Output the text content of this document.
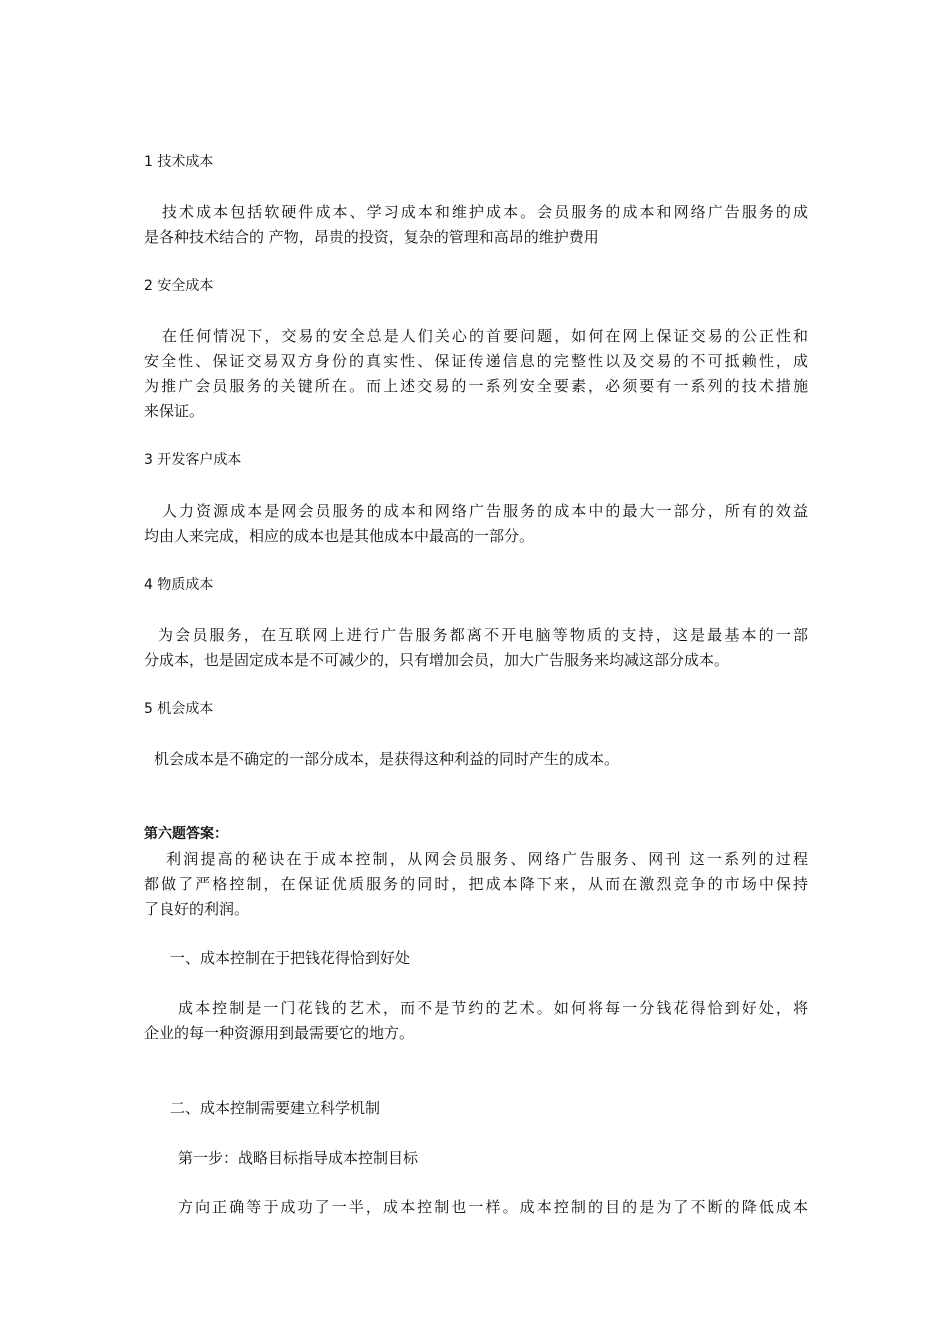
1 技术成本

技术成本包括软硬件成本、学习成本和维护成本。会员服务的成本和网络广告服务的成

是各种技术结合的 产物，昂贵的投资，复杂的管理和高昂的维护费用

2 安全成本

在任何情况下，交易的安全总是人们关心的首要问题，如何在网上保证交易的公正性和

安全性、保证交易双方身份的真实性、保证传递信息的完整性以及交易的不可抵赖性，成

为推广会员服务的关键所在。而上述交易的一系列安全要素，必须要有一系列的技术措施

来保证。

3 开发客户成本

人力资源成本是网会员服务的成本和网络广告服务的成本中的最大一部分，所有的效益

均由人来完成，相应的成本也是其他成本中最高的一部分。

4 物质成本

为会员服务，在互联网上进行广告服务都离不开电脑等物质的支持，这是最基本的一部

分成本，也是固定成本是不可减少的，只有增加会员，加大广告服务来均减这部分成本。

5 机会成本

机会成本是不确定的一部分成本，是获得这种利益的同时产生的成本。

第六题答案：

利润提高的秘诀在于成本控制，从网会员服务、网络广告服务、网刊 这一系列的过程

都做了严格控制，在保证优质服务的同时，把成本降下来，从而在激烈竞争的市场中保持

了良好的利润。

一、成本控制在于把钱花得恰到好处

成本控制是一门花钱的艺术，而不是节约的艺术。如何将每一分钱花得恰到好处，将

企业的每一种资源用到最需要它的地方。

二、成本控制需要建立科学机制

第一步：战略目标指导成本控制目标

方向正确等于成功了一半，成本控制也一样。成本控制的目的是为了不断的降低成本
